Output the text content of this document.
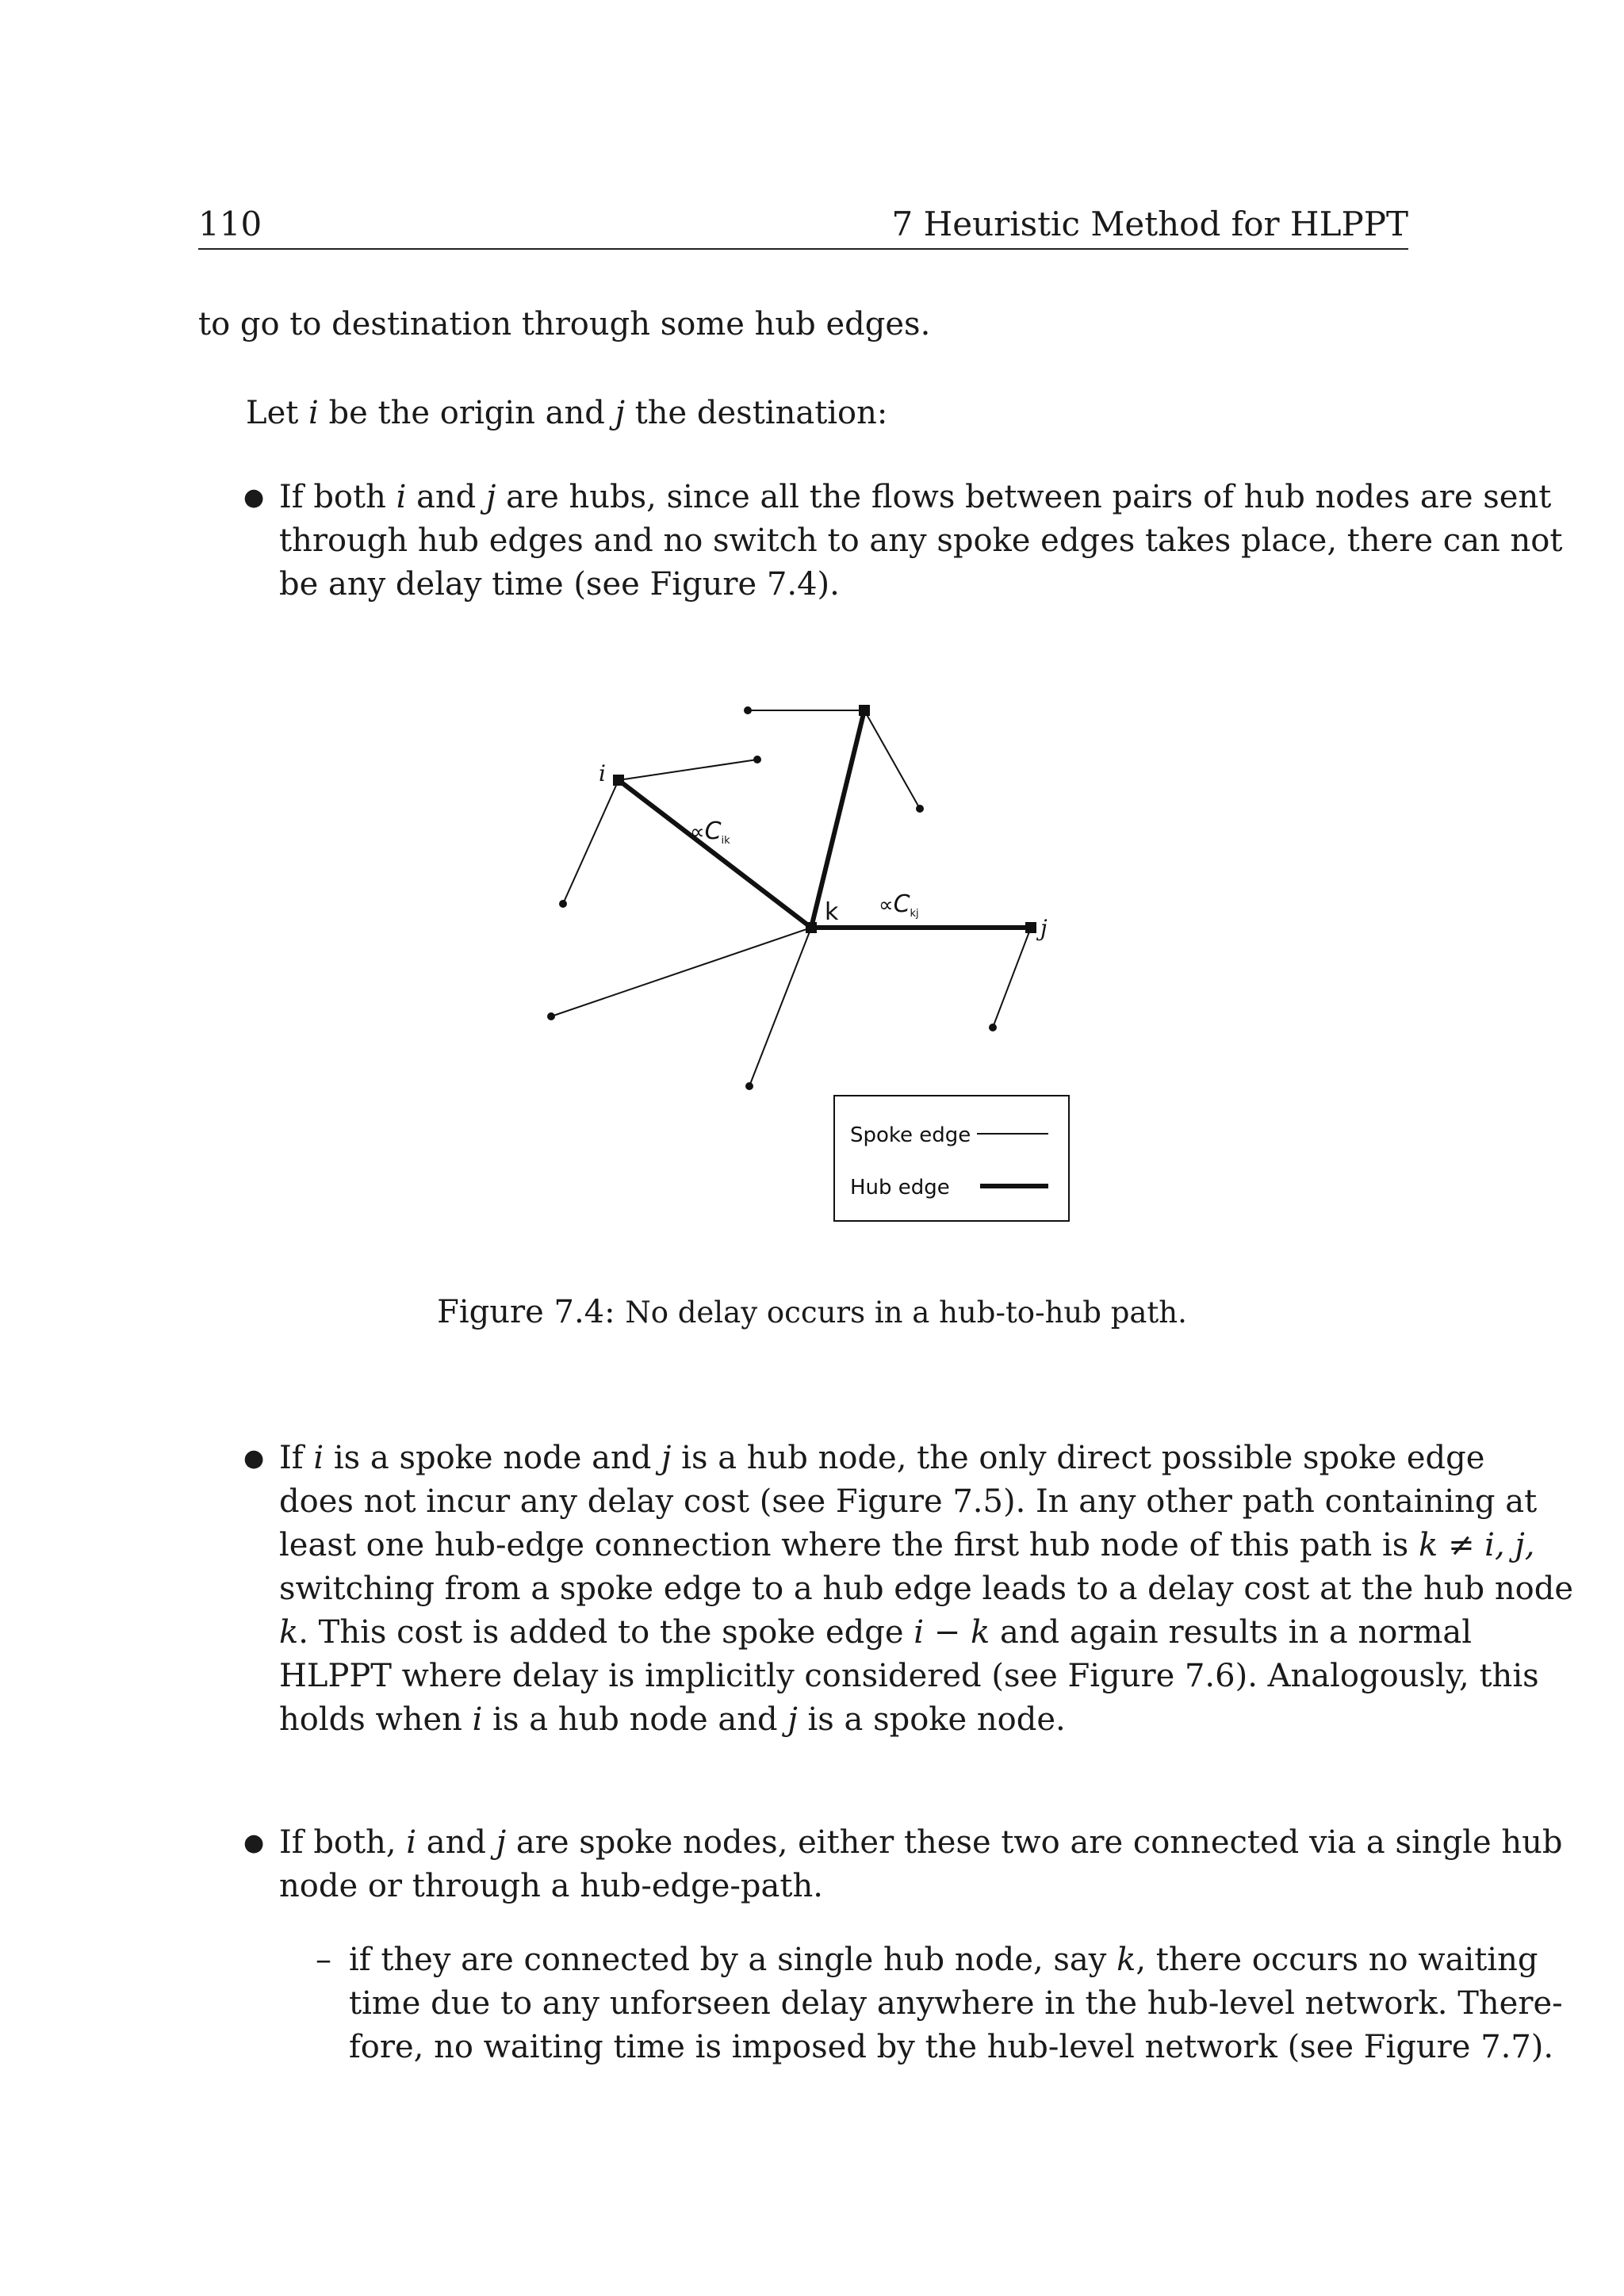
110	7 Heuristic Method for HLPPT
to go to destination through some hub edges.
Let i be the origin and j the destination:
● If both i and j are hubs, since all the flows between pairs of hub nodes are sent
through hub edges and no switch to any spoke edges takes place, there can not
be any delay time (see Figure 7.4).
i
k
j
$\propto C_{ik}$
$\propto C_{kj}$
Spoke edge
Hub edge
Figure 7.4: No delay occurs in a hub-to-hub path.
● If i is a spoke node and j is a hub node, the only direct possible spoke edge
does not incur any delay cost (see Figure 7.5). In any other path containing at
least one hub-edge connection where the first hub node of this path is k ≠ i, j,
switching from a spoke edge to a hub edge leads to a delay cost at the hub node
k. This cost is added to the spoke edge i − k and again results in a normal
HLPPT where delay is implicitly considered (see Figure 7.6). Analogously, this
holds when i is a hub node and j is a spoke node.
● If both, i and j are spoke nodes, either these two are connected via a single hub
node or through a hub-edge-path.
– if they are connected by a single hub node, say k, there occurs no waiting
time due to any unforseen delay anywhere in the hub-level network. There-
fore, no waiting time is imposed by the hub-level network (see Figure 7.7).
